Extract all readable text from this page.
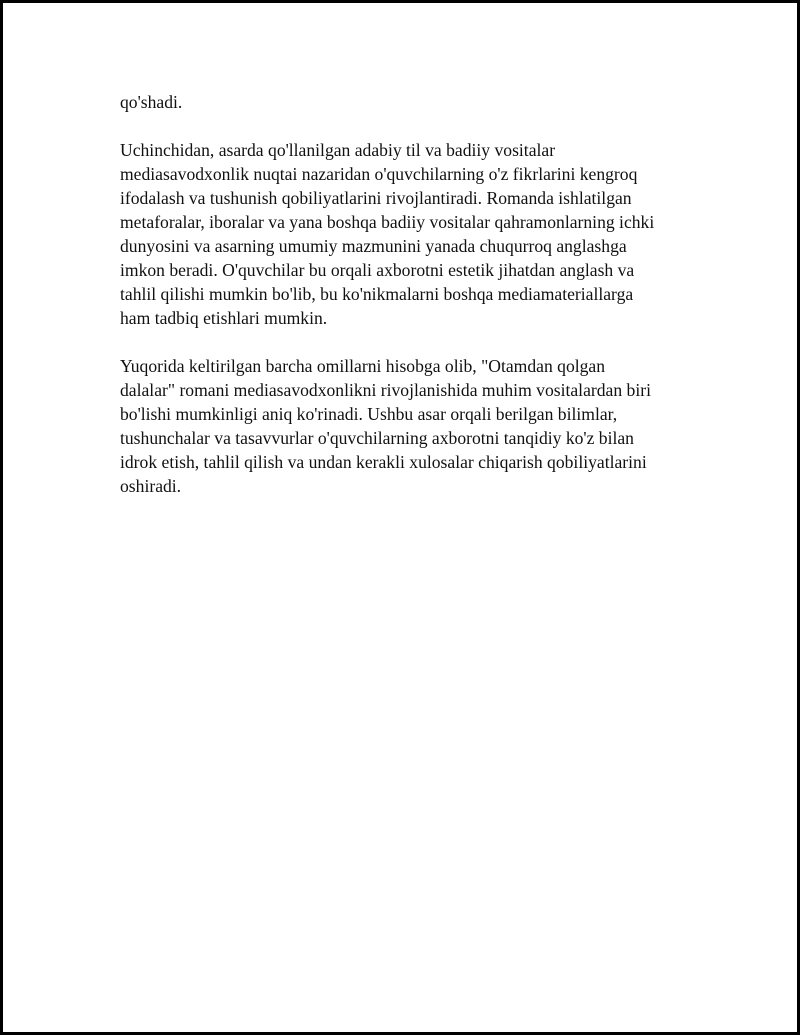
qo'shadi.
Uchinchidan, asarda qo'llanilgan adabiy til va badiiy vositalar
mediasavodxonlik nuqtai nazaridan o'quvchilarning o'z fikrlarini kengroq
ifodalash va tushunish qobiliyatlarini rivojlantiradi. Romanda ishlatilgan
metaforalar, iboralar va yana boshqa badiiy vositalar qahramonlarning ichki
dunyosini va asarning umumiy mazmunini yanada chuqurroq anglashga
imkon beradi. O'quvchilar bu orqali axborotni estetik jihatdan anglash va
tahlil qilishi mumkin bo'lib, bu ko'nikmalarni boshqa mediamateriallarga
ham tadbiq etishlari mumkin.
Yuqorida keltirilgan barcha omillarni hisobga olib, "Otamdan qolgan
dalalar" romani mediasavodxonlikni rivojlanishida muhim vositalardan biri
bo'lishi mumkinligi aniq ko'rinadi. Ushbu asar orqali berilgan bilimlar,
tushunchalar va tasavvurlar o'quvchilarning axborotni tanqidiy ko'z bilan
idrok etish, tahlil qilish va undan kerakli xulosalar chiqarish qobiliyatlarini
oshiradi.
